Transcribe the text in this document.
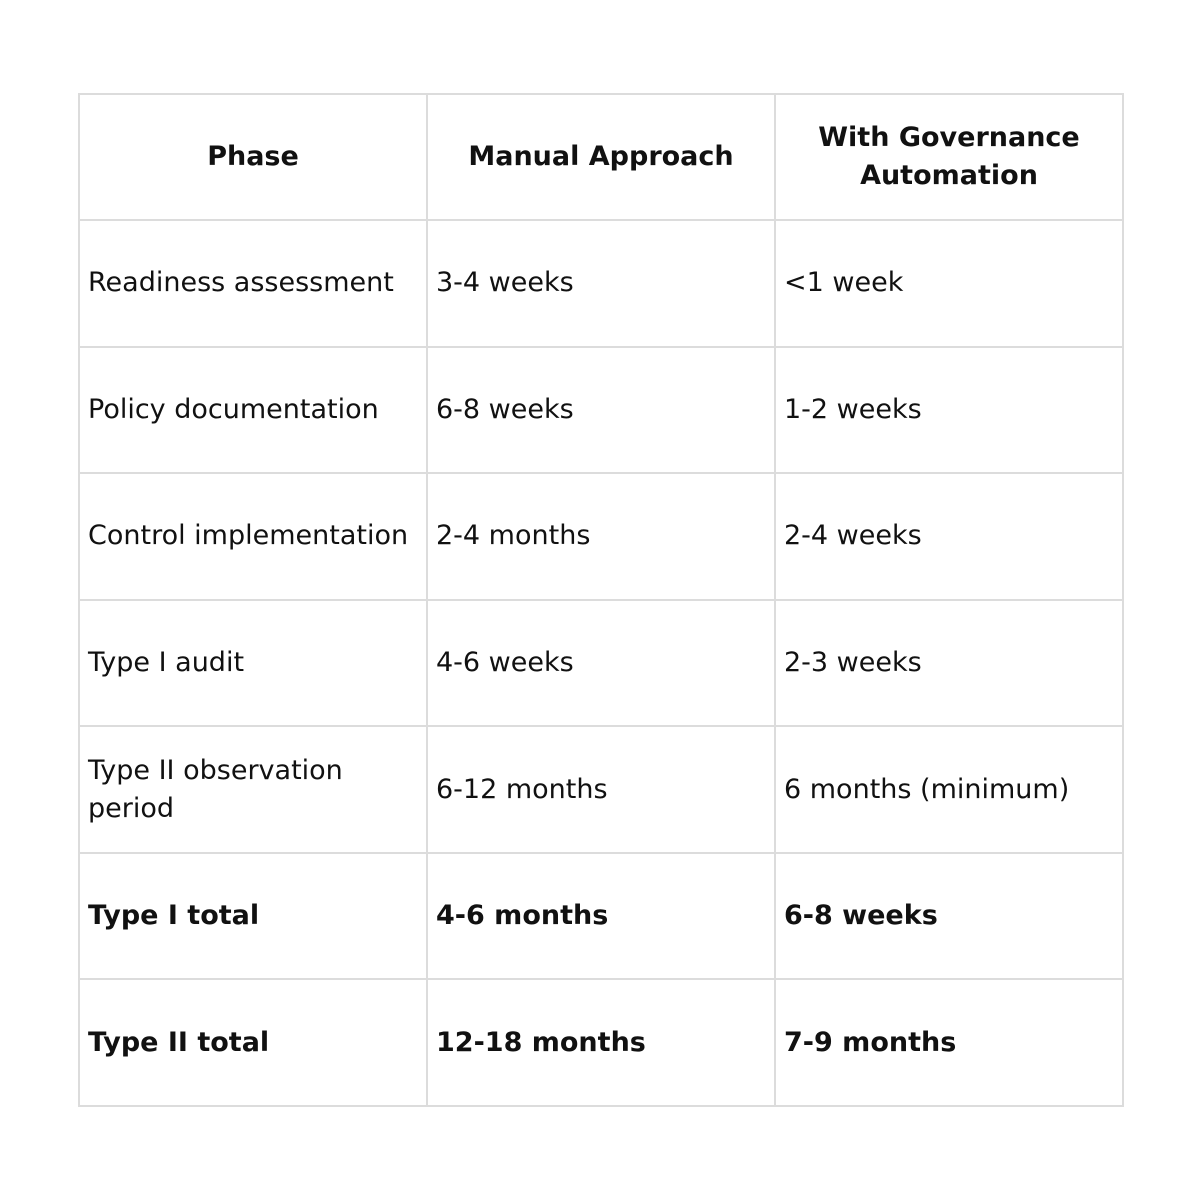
Phase	Manual Approach	With Governance Automation
Readiness assessment	3-4 weeks	<1 week
Policy documentation	6-8 weeks	1-2 weeks
Control implementation	2-4 months	2-4 weeks
Type I audit	4-6 weeks	2-3 weeks
Type II observation period	6-12 months	6 months (minimum)
Type I total	4-6 months	6-8 weeks
Type II total	12-18 months	7-9 months
